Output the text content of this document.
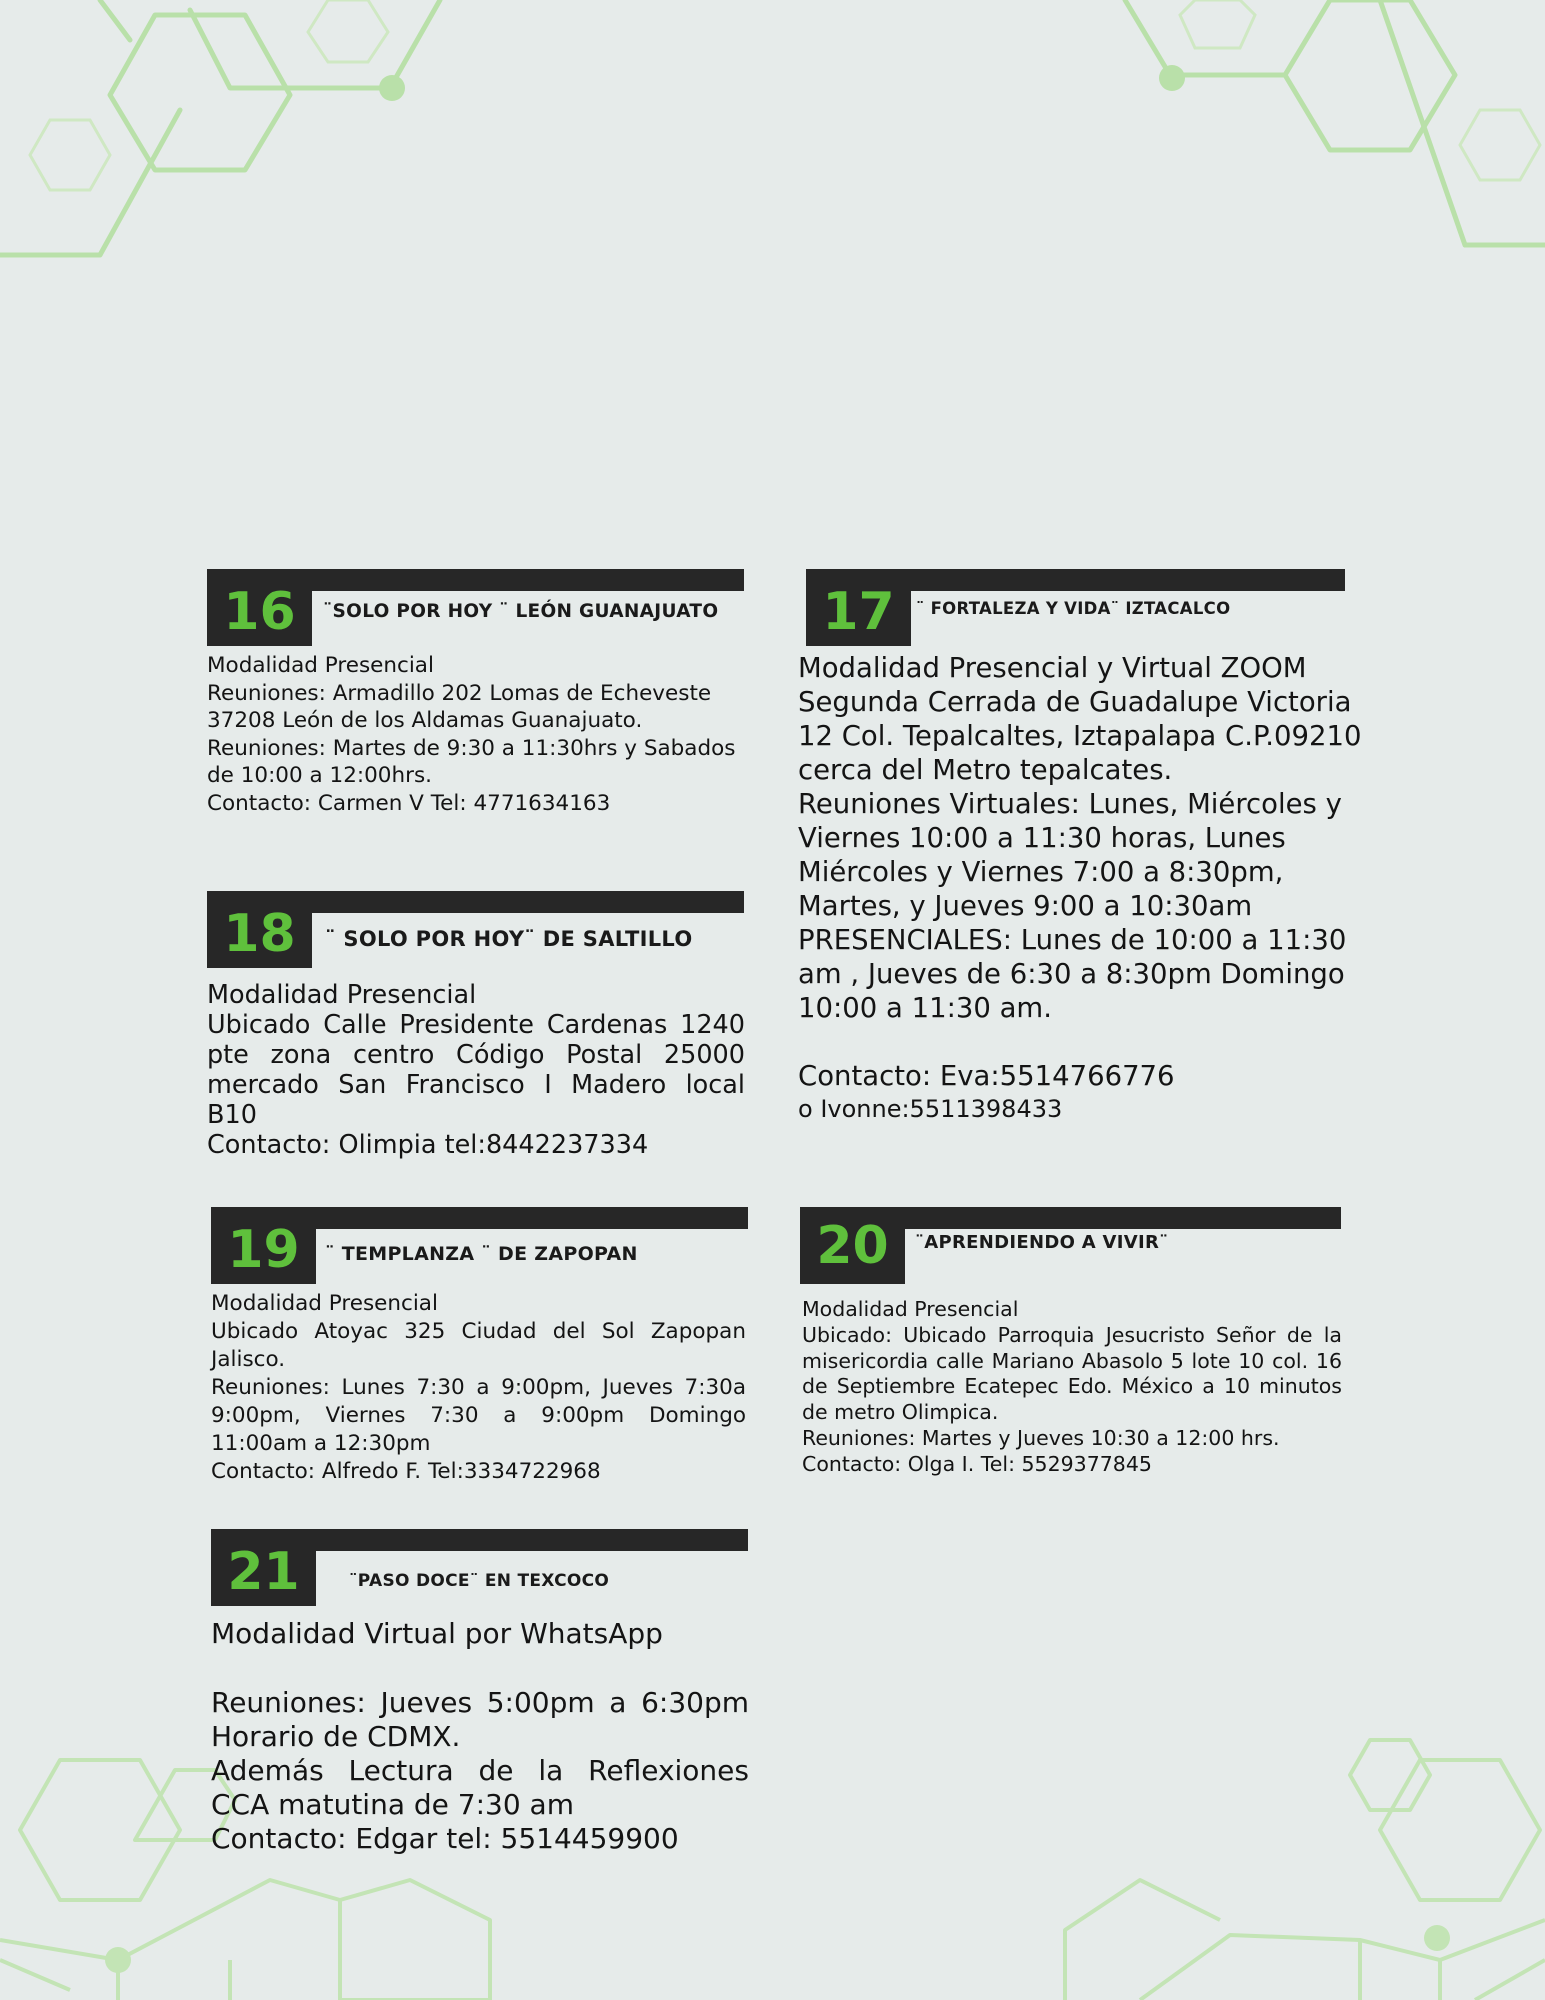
16	¨SOLO POR HOY ¨ LEÓN GUANAJUATO

Modalidad Presencial

Reuniones: Armadillo 202 Lomas de Echeveste 37208 León de los Aldamas Guanajuato.

Reuniones: Martes de 9:30 a 11:30hrs y Sabados de 10:00 a 12:00hrs.

Contacto: Carmen V Tel: 4771634163

17	¨ FORTALEZA Y VIDA¨ IZTACALCO

Modalidad Presencial y Virtual ZOOM

Segunda Cerrada de Guadalupe Victoria 12 Col. Tepalcaltes, Iztapalapa C.P.09210 cerca del Metro tepalcates.

Reuniones Virtuales: Lunes, Miércoles y Viernes 10:00 a 11:30 horas, Lunes Miércoles y Viernes 7:00 a 8:30pm, Martes, y Jueves 9:00 a 10:30am

PRESENCIALES: Lunes de 10:00 a 11:30 am , Jueves de 6:30 a 8:30pm Domingo 10:00 a 11:30 am.

Contacto: Eva:5514766776

o Ivonne:5511398433

18	¨ SOLO POR HOY¨ DE SALTILLO

Modalidad Presencial

Ubicado Calle Presidente Cardenas 1240 pte zona centro Código Postal 25000 mercado San Francisco I Madero local B10

Contacto: Olimpia tel:8442237334

19	¨ TEMPLANZA ¨ DE ZAPOPAN

Modalidad Presencial

Ubicado Atoyac 325 Ciudad del Sol Zapopan Jalisco.

Reuniones: Lunes 7:30 a 9:00pm, Jueves 7:30a 9:00pm, Viernes 7:30 a 9:00pm Domingo 11:00am a 12:30pm

Contacto: Alfredo F. Tel:3334722968

20	¨APRENDIENDO A VIVIR¨

Modalidad Presencial

Ubicado: Ubicado Parroquia Jesucristo Señor de la misericordia calle Mariano Abasolo 5 lote 10 col. 16 de Septiembre Ecatepec Edo. México a 10 minutos de metro Olimpica.

Reuniones: Martes y Jueves 10:30 a 12:00 hrs.

Contacto: Olga I. Tel: 5529377845

21	¨PASO DOCE¨ EN TEXCOCO

Modalidad Virtual por WhatsApp

Reuniones: Jueves 5:00pm a 6:30pm Horario de CDMX.

Además Lectura de la Reflexiones CCA matutina de 7:30 am

Contacto: Edgar tel: 5514459900
